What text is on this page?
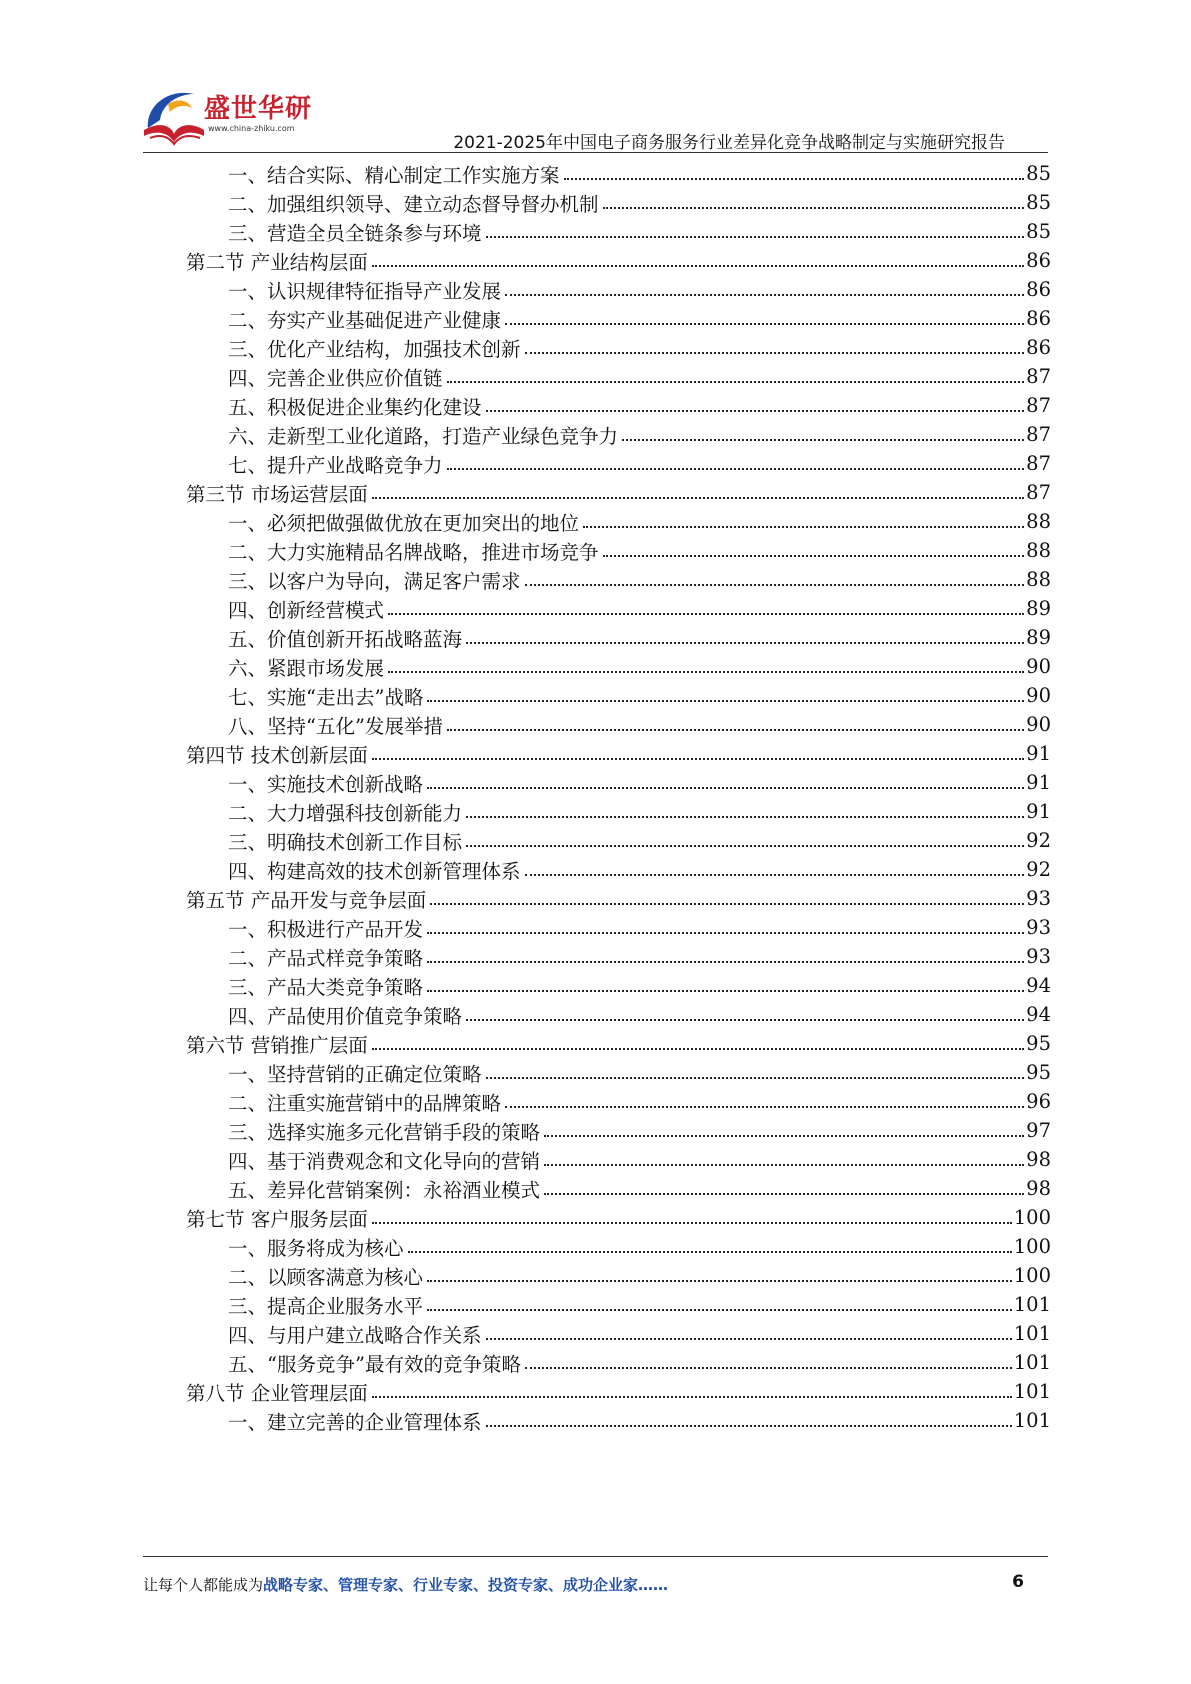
盛世华研
www.china-zhiku.com
2021-2025年中国电子商务服务行业差异化竞争战略制定与实施研究报告
一、结合实际、精心制定工作实施方案	85
二、加强组织领导、建立动态督导督办机制	85
三、营造全员全链条参与环境	85
第二节 产业结构层面	86
一、认识规律特征指导产业发展	86
二、夯实产业基础促进产业健康	86
三、优化产业结构，加强技术创新	86
四、完善企业供应价值链	87
五、积极促进企业集约化建设	87
六、走新型工业化道路，打造产业绿色竞争力	87
七、提升产业战略竞争力	87
第三节 市场运营层面	87
一、必须把做强做优放在更加突出的地位	88
二、大力实施精品名牌战略，推进市场竞争	88
三、以客户为导向，满足客户需求	88
四、创新经营模式	89
五、价值创新开拓战略蓝海	89
六、紧跟市场发展	90
七、实施“走出去”战略	90
八、坚持“五化”发展举措	90
第四节 技术创新层面	91
一、实施技术创新战略	91
二、大力增强科技创新能力	91
三、明确技术创新工作目标	92
四、构建高效的技术创新管理体系	92
第五节 产品开发与竞争层面	93
一、积极进行产品开发	93
二、产品式样竞争策略	93
三、产品大类竞争策略	94
四、产品使用价值竞争策略	94
第六节 营销推广层面	95
一、坚持营销的正确定位策略	95
二、注重实施营销中的品牌策略	96
三、选择实施多元化营销手段的策略	97
四、基于消费观念和文化导向的营销	98
五、差异化营销案例：永裕酒业模式	98
第七节 客户服务层面	100
一、服务将成为核心	100
二、以顾客满意为核心	100
三、提高企业服务水平	101
四、与用户建立战略合作关系	101
五、“服务竞争”最有效的竞争策略	101
第八节 企业管理层面	101
一、建立完善的企业管理体系	101
让每个人都能成为战略专家、管理专家、行业专家、投资专家、成功企业家……	6
